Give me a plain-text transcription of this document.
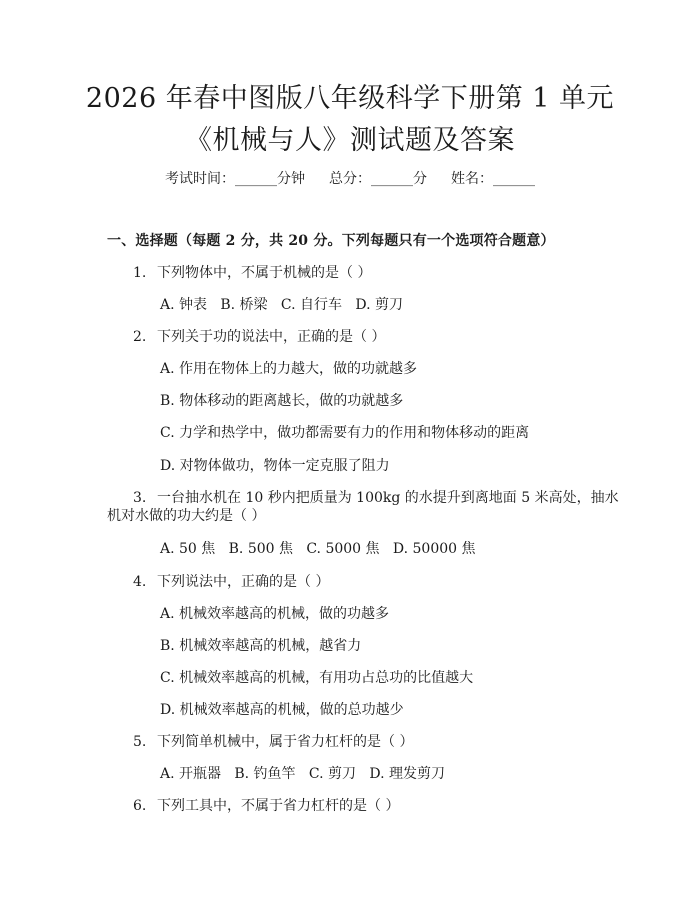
2026 年春中图版八年级科学下册第 1 单元
《机械与人》测试题及答案
考试时间：______分钟 总分：______分 姓名：______
一、选择题（每题 2 分，共 20 分。下列每题只有一个选项符合题意）
1. 下列物体中，不属于机械的是（ ）
A. 钟表   B. 桥梁   C. 自行车   D. 剪刀
2. 下列关于功的说法中，正确的是（ ）
A. 作用在物体上的力越大，做的功就越多
B. 物体移动的距离越长，做的功就越多
C. 力学和热学中，做功都需要有力的作用和物体移动的距离
D. 对物体做功，物体一定克服了阻力
3. 一台抽水机在 10 秒内把质量为 100kg 的水提升到离地面 5 米高处，抽水
机对水做的功大约是（ ）
A. 50 焦   B. 500 焦   C. 5000 焦   D. 50000 焦
4. 下列说法中，正确的是（ ）
A. 机械效率越高的机械，做的功越多
B. 机械效率越高的机械，越省力
C. 机械效率越高的机械，有用功占总功的比值越大
D. 机械效率越高的机械，做的总功越少
5. 下列简单机械中，属于省力杠杆的是（ ）
A. 开瓶器   B. 钓鱼竿   C. 剪刀   D. 理发剪刀
6. 下列工具中，不属于省力杠杆的是（ ）
